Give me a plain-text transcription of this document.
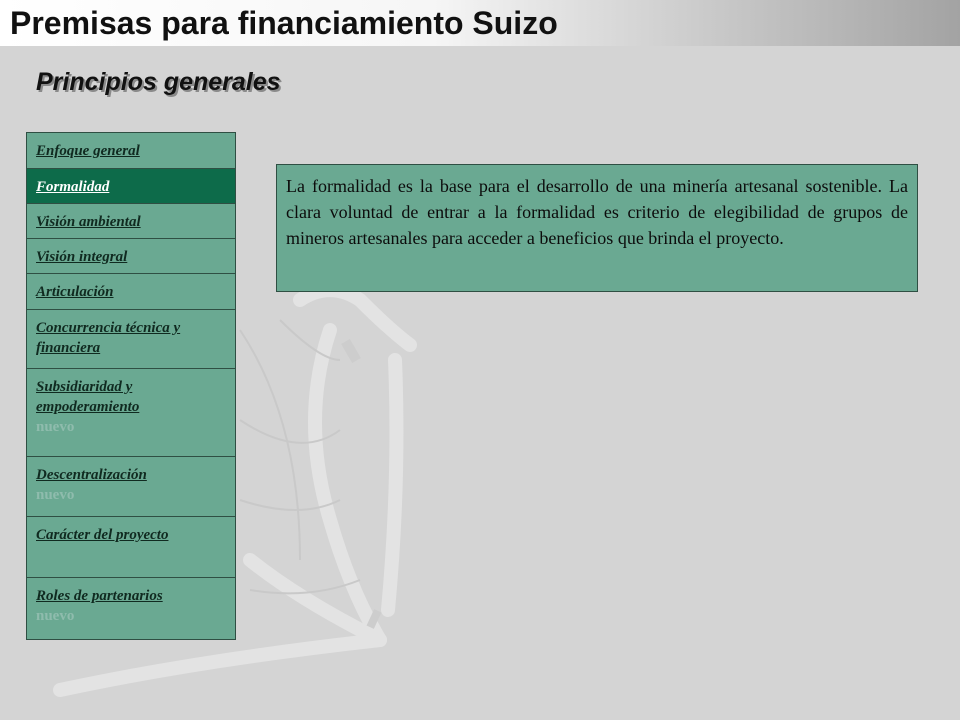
Premisas para financiamiento Suizo
Principios generales
Enfoque general
Formalidad
Visión ambiental
Visión integral
Articulación
Concurrencia técnica y financiera
Subsidiaridad y empoderamiento
nuevo
Descentralización
nuevo
Carácter del proyecto
Roles de partenarios
nuevo

La formalidad es la base para el desarrollo de una minería artesanal sostenible. La clara voluntad de entrar a la formalidad es criterio de elegibilidad de grupos de mineros artesanales para acceder a beneficios que brinda el proyecto.
